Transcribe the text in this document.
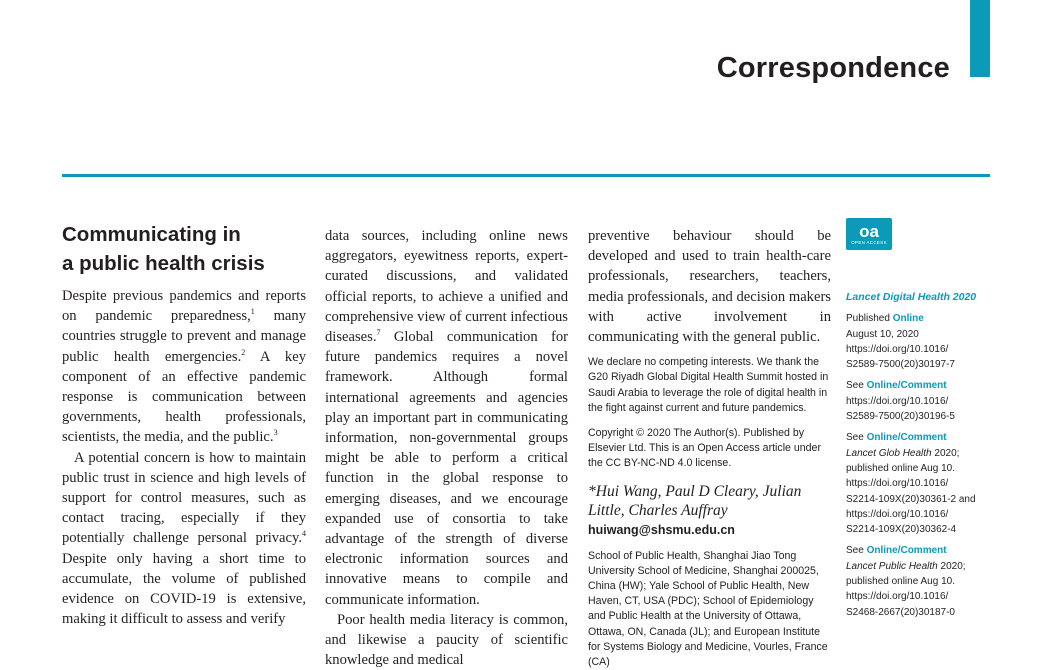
Correspondence
Communicating in
a public health crisis

Despite previous pandemics and reports on pandemic preparedness,$^1$ many countries struggle to prevent and manage public health emergencies.$^2$ A key component of an effective pandemic response is communication between governments, health professionals, scientists, the media, and the public.$^3$

A potential concern is how to maintain public trust in science and high levels of support for control measures, such as contact tracing, especially if they potentially challenge personal privacy.$^4$ Despite only having a short time to accumulate, the volume of published evidence on COVID-19 is extensive, making it difficult to assess and verify

data sources, including online news aggregators, eyewitness reports, expert-curated discussions, and validated official reports, to achieve a unified and comprehensive view of current infectious diseases.$^7$ Global communication for future pandemics requires a novel framework. Although formal international agreements and agencies play an important part in communicating information, non-governmental groups might be able to perform a critical function in the global response to emerging diseases, and we encourage expanded use of consortia to take advantage of the strength of diverse electronic information sources and innovative means to compile and communicate information.

Poor health media literacy is common, and likewise a paucity of scientific knowledge and medical

preventive behaviour should be developed and used to train health-care professionals, researchers, teachers, media professionals, and decision makers with active involvement in communicating with the general public.

We declare no competing interests. We thank the G20 Riyadh Global Digital Health Summit hosted in Saudi Arabia to leverage the role of digital health in the fight against current and future pandemics.

Copyright © 2020 The Author(s). Published by Elsevier Ltd. This is an Open Access article under the CC BY-NC-ND 4.0 license.

*Hui Wang, Paul D Cleary, Julian Little, Charles Auffray
huiwang@shsmu.edu.cn

School of Public Health, Shanghai Jiao Tong University School of Medicine, Shanghai 200025, China (HW); Yale School of Public Health, New Haven, CT, USA (PDC); School of Epidemiology and Public Health at the University of Ottawa, Ottawa, ON, Canada (JL); and European Institute for Systems Biology and Medicine, Vourles, France (CA)

oa
OPEN ACCESS
Lancet Digital Health 2020
Published Online
August 10, 2020
https://doi.org/10.1016/
S2589-7500(20)30197-7
See Online/Comment
https://doi.org/10.1016/
S2589-7500(20)30196-5
See Online/Comment
Lancet Glob Health 2020;
published online Aug 10.
https://doi.org/10.1016/
S2214-109X(20)30361-2 and
https://doi.org/10.1016/
S2214-109X(20)30362-4
See Online/Comment
Lancet Public Health 2020;
published online Aug 10.
https://doi.org/10.1016/
S2468-2667(20)30187-0
